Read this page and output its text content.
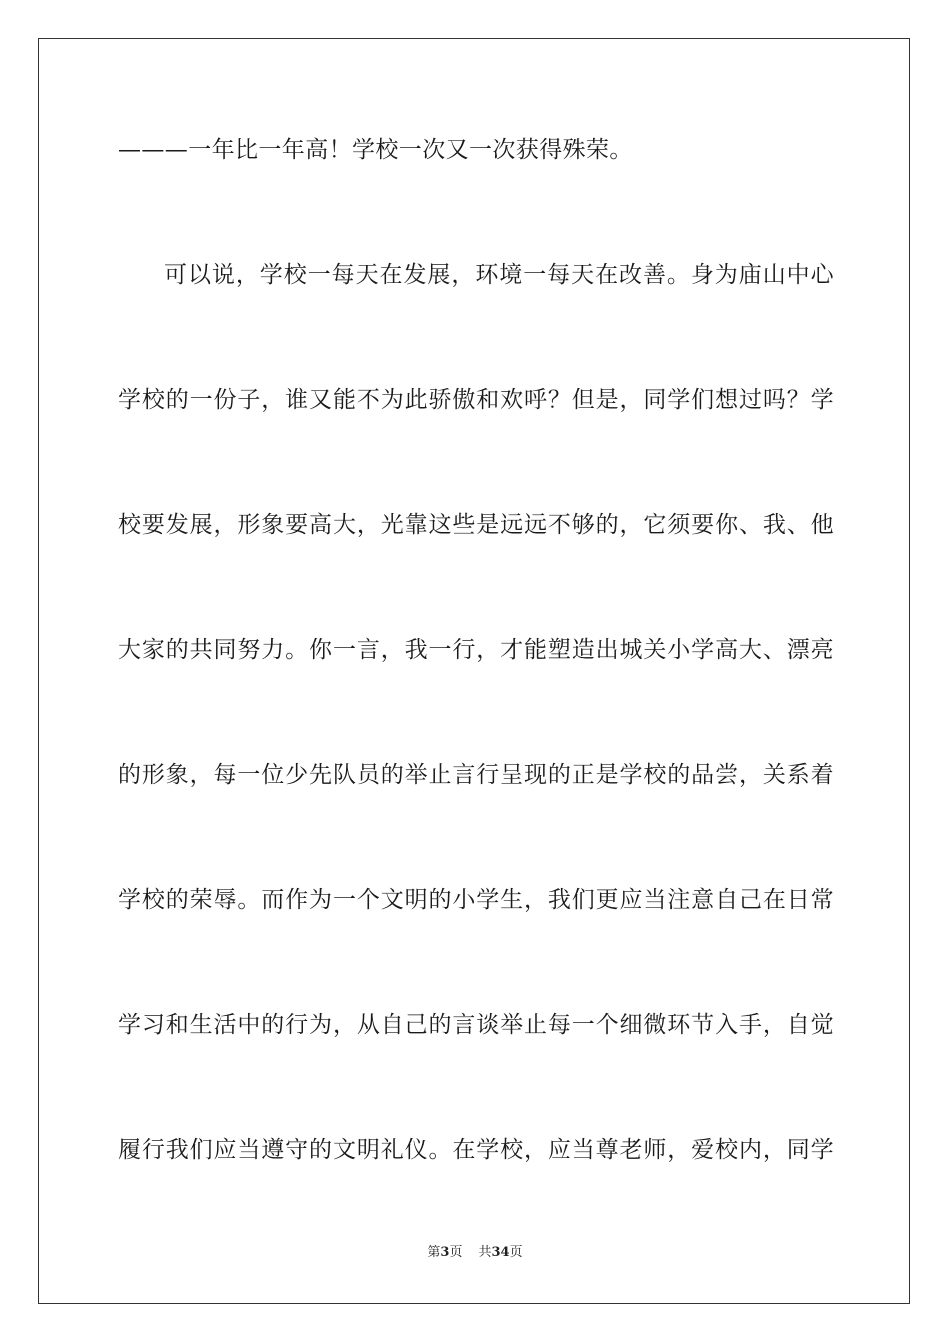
———一年比一年高！学校一次又一次获得殊荣。
可以说，学校一每天在发展，环境一每天在改善。身为庙山中心
学校的一份子，谁又能不为此骄傲和欢呼？但是，同学们想过吗？学
校要发展，形象要高大，光靠这些是远远不够的，它须要你、我、他
大家的共同努力。你一言，我一行，才能塑造出城关小学高大、漂亮
的形象，每一位少先队员的举止言行呈现的正是学校的品尝，关系着
学校的荣辱。而作为一个文明的小学生，我们更应当注意自己在日常
学习和生活中的行为，从自己的言谈举止每一个细微环节入手，自觉
履行我们应当遵守的文明礼仪。在学校，应当尊老师，爱校内，同学
第3页 共34页
